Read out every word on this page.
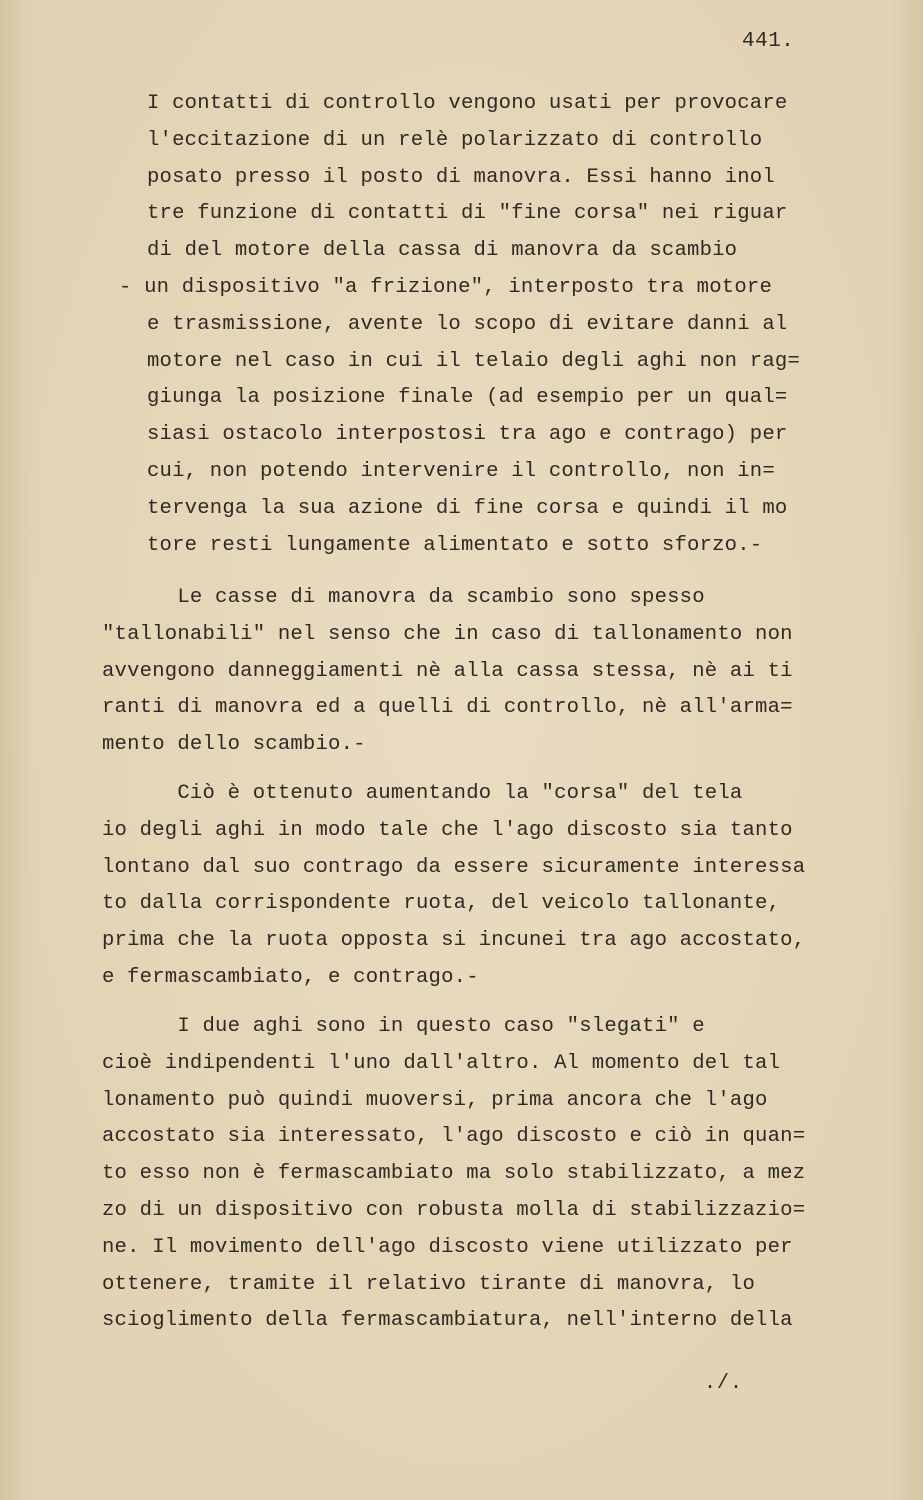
441.
I contatti di controllo vengono usati per provocare
l'eccitazione di un relè polarizzato di controllo
posato presso il posto di manovra. Essi hanno inol
tre funzione di contatti di "fine corsa" nei riguar
di del motore della cassa di manovra da scambio
- un dispositivo "a frizione", interposto tra motore
e trasmissione, avente lo scopo di evitare danni al
motore nel caso in cui il telaio degli aghi non rag=
giunga la posizione finale (ad esempio per un qual=
siasi ostacolo interpostosi tra ago e contrago) per
cui, non potendo intervenire il controllo, non in=
tervenga la sua azione di fine corsa e quindi il mo
tore resti lungamente alimentato e sotto sforzo.-
Le casse di manovra da scambio sono spesso
"tallonabili" nel senso che in caso di tallonamento non
avvengono danneggiamenti nè alla cassa stessa, nè ai ti
ranti di manovra ed a quelli di controllo, nè all'arma=
mento dello scambio.-
Ciò è ottenuto aumentando la "corsa" del tela
io degli aghi in modo tale che l'ago discosto sia tanto
lontano dal suo contrago da essere sicuramente interessa
to dalla corrispondente ruota, del veicolo tallonante,
prima che la ruota opposta si incunei tra ago accostato,
e fermascambiato, e contrago.-
I due aghi sono in questo caso "slegati" e
cioè indipendenti l'uno dall'altro. Al momento del tal
lonamento può quindi muoversi, prima ancora che l'ago
accostato sia interessato, l'ago discosto e ciò in quan=
to esso non è fermascambiato ma solo stabilizzato, a mez
zo di un dispositivo con robusta molla di stabilizzazio=
ne. Il movimento dell'ago discosto viene utilizzato per
ottenere, tramite il relativo tirante di manovra, lo
scioglimento della fermascambiatura, nell'interno della
./.
